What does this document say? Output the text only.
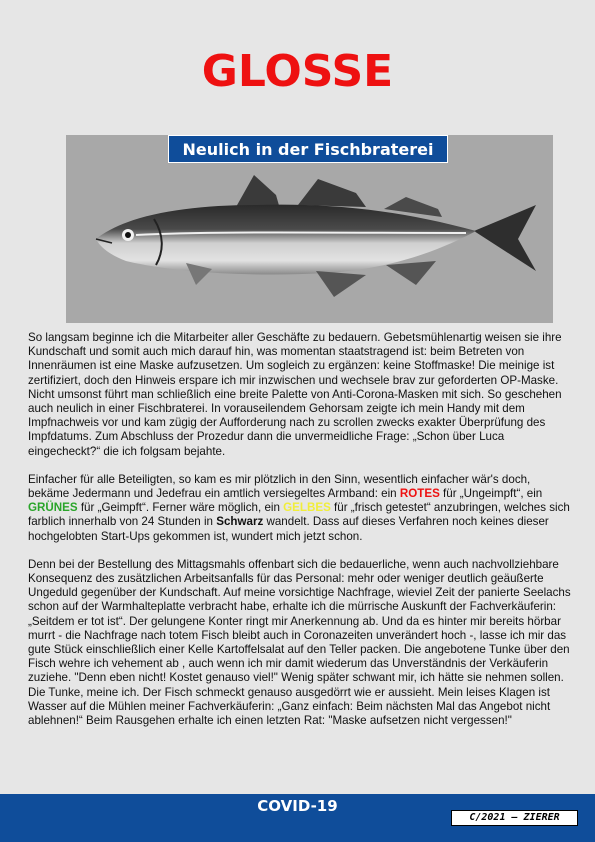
GLOSSE
Neulich in der Fischbraterei

So langsam beginne ich die Mitarbeiter aller Geschäfte zu bedauern. Gebetsmühlenartig weisen sie ihre Kundschaft und somit auch mich darauf hin, was momentan staatstragend ist: beim Betreten von Innenräumen ist eine Maske aufzusetzen. Um sogleich zu ergänzen: keine Stoffmaske! Die meinige ist zertifiziert, doch den Hinweis erspare ich mir inzwischen und wechsele brav zur geforderten OP-Maske. Nicht umsonst führt man schließlich eine breite Palette von Anti-Corona-Masken mit sich. So geschehen auch neulich in einer Fischbraterei. In vorauseilendem Gehorsam zeigte ich mein Handy mit dem Impfnachweis vor und kam zügig der Aufforderung nach zu scrollen zwecks exakter Überprüfung des Impfdatums. Zum Abschluss der Prozedur dann die unvermeidliche Frage: „Schon über Luca eingecheckt?“ die ich folgsam bejahte.

Einfacher für alle Beteiligten, so kam es mir plötzlich in den Sinn, wesentlich einfacher wär's doch, bekäme Jedermann und Jedefrau ein amtlich versiegeltes Armband: ein ROTES für „Ungeimpft“, ein GRÜNES für „Geimpft“. Ferner wäre möglich, ein GELBES für „frisch getestet“ anzubringen, welches sich farblich innerhalb von 24 Stunden in Schwarz wandelt. Dass auf dieses Verfahren noch keines dieser hochgelobten Start-Ups gekommen ist, wundert mich jetzt schon.

Denn bei der Bestellung des Mittagsmahls offenbart sich die bedauerliche, wenn auch nachvollziehbare Konsequenz des zusätzlichen Arbeitsanfalls für das Personal: mehr oder weniger deutlich geäußerte Ungeduld gegenüber der Kundschaft. Auf meine vorsichtige Nachfrage, wieviel Zeit der panierte Seelachs schon auf der Warmhalteplatte verbracht habe, erhalte ich die mürrische Auskunft der Fachverkäuferin: „Seitdem er tot ist“. Der gelungene Konter ringt mir Anerkennung ab. Und da es hinter mir bereits hörbar murrt - die Nachfrage nach totem Fisch bleibt auch in Coronazeiten unverändert hoch -, lasse ich mir das gute Stück einschließlich einer Kelle Kartoffelsalat auf den Teller packen. Die angebotene Tunke über den Fisch wehre ich vehement ab , auch wenn ich mir damit wiederum das Unverständnis der Verkäuferin zuziehe. "Denn eben nicht! Kostet genauso viel!" Wenig später schwant mir, ich hätte sie nehmen sollen. Die Tunke, meine ich. Der Fisch schmeckt genauso ausgedörrt wie er aussieht. Mein leises Klagen ist Wasser auf die Mühlen meiner Fachverkäuferin: „Ganz einfach: Beim nächsten Mal das Angebot nicht ablehnen!“ Beim Rausgehen erhalte ich einen letzten Rat: "Maske aufsetzen nicht vergessen!"

COVID-19
C/2021 – ZIERER
